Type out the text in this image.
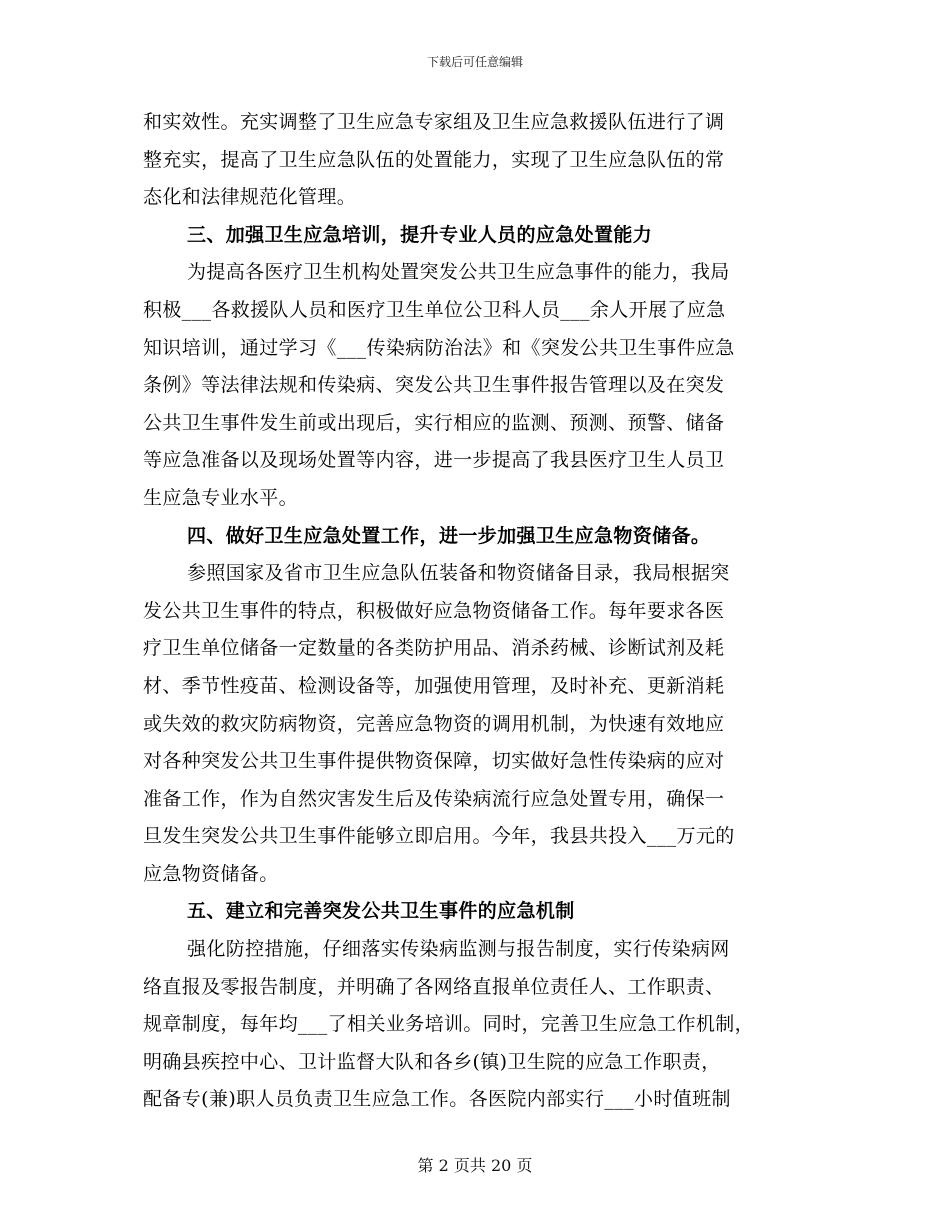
下载后可任意编辑
和实效性。充实调整了卫生应急专家组及卫生应急救援队伍进行了调
整充实，提高了卫生应急队伍的处置能力，实现了卫生应急队伍的常
态化和法律规范化管理。
三、加强卫生应急培训，提升专业人员的应急处置能力
为提高各医疗卫生机构处置突发公共卫生应急事件的能力，我局
积极___各救援队人员和医疗卫生单位公卫科人员___余人开展了应急
知识培训，通过学习《___传染病防治法》和《突发公共卫生事件应急
条例》等法律法规和传染病、突发公共卫生事件报告管理以及在突发
公共卫生事件发生前或出现后，实行相应的监测、预测、预警、储备
等应急准备以及现场处置等内容，进一步提高了我县医疗卫生人员卫
生应急专业水平。
四、做好卫生应急处置工作，进一步加强卫生应急物资储备。
参照国家及省市卫生应急队伍装备和物资储备目录，我局根据突
发公共卫生事件的特点，积极做好应急物资储备工作。每年要求各医
疗卫生单位储备一定数量的各类防护用品、消杀药械、诊断试剂及耗
材、季节性疫苗、检测设备等，加强使用管理，及时补充、更新消耗
或失效的救灾防病物资，完善应急物资的调用机制，为快速有效地应
对各种突发公共卫生事件提供物资保障，切实做好急性传染病的应对
准备工作，作为自然灾害发生后及传染病流行应急处置专用，确保一
旦发生突发公共卫生事件能够立即启用。今年，我县共投入___万元的
应急物资储备。
五、建立和完善突发公共卫生事件的应急机制
强化防控措施，仔细落实传染病监测与报告制度，实行传染病网
络直报及零报告制度，并明确了各网络直报单位责任人、工作职责、
规章制度，每年均___了相关业务培训。同时，完善卫生应急工作机制，
明确县疾控中心、卫计监督大队和各乡(镇)卫生院的应急工作职责，
配备专(兼)职人员负责卫生应急工作。各医院内部实行___小时值班制
第 2 页共 20 页
